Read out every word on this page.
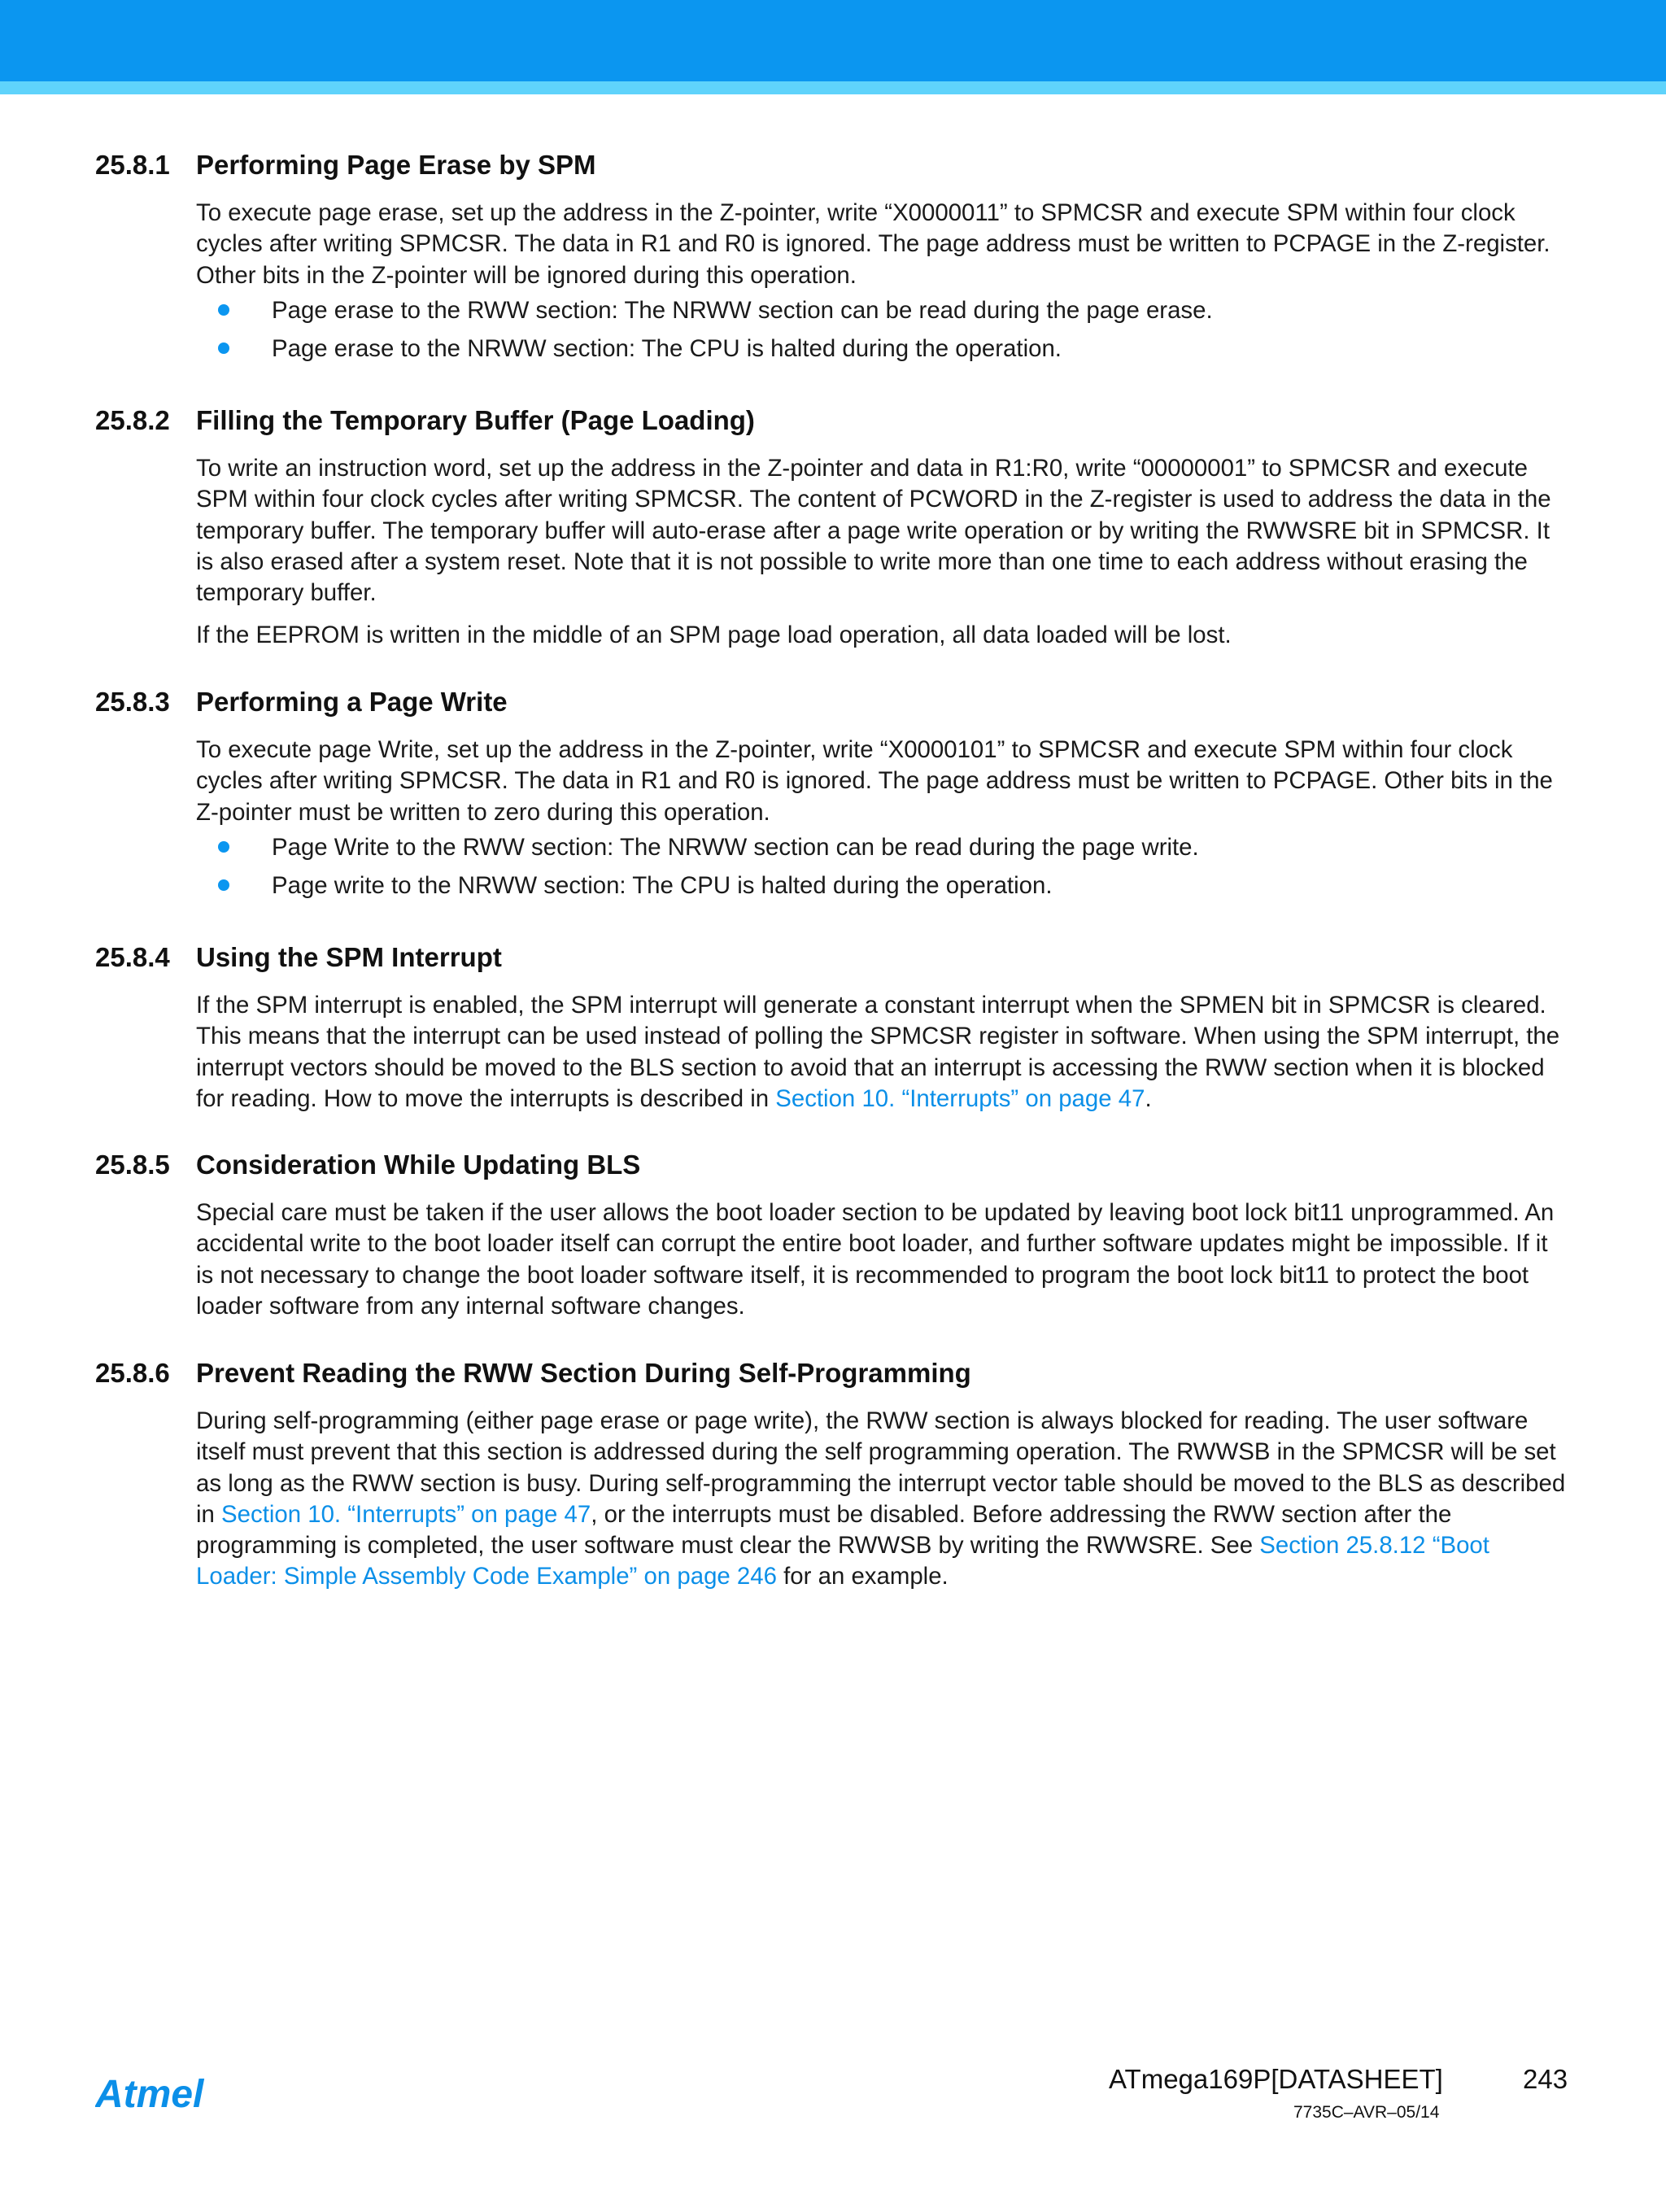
25.8.1 Performing Page Erase by SPM

To execute page erase, set up the address in the Z-pointer, write “X0000011” to SPMCSR and execute SPM within four clock cycles after writing SPMCSR. The data in R1 and R0 is ignored. The page address must be written to PCPAGE in the Z-register. Other bits in the Z-pointer will be ignored during this operation.

Page erase to the RWW section: The NRWW section can be read during the page erase.
Page erase to the NRWW section: The CPU is halted during the operation.
25.8.2 Filling the Temporary Buffer (Page Loading)

To write an instruction word, set up the address in the Z-pointer and data in R1:R0, write “00000001” to SPMCSR and execute SPM within four clock cycles after writing SPMCSR. The content of PCWORD in the Z-register is used to address the data in the temporary buffer. The temporary buffer will auto-erase after a page write operation or by writing the RWWSRE bit in SPMCSR. It is also erased after a system reset. Note that it is not possible to write more than one time to each address without erasing the temporary buffer.

If the EEPROM is written in the middle of an SPM page load operation, all data loaded will be lost.

25.8.3 Performing a Page Write

To execute page Write, set up the address in the Z-pointer, write “X0000101” to SPMCSR and execute SPM within four clock cycles after writing SPMCSR. The data in R1 and R0 is ignored. The page address must be written to PCPAGE. Other bits in the Z-pointer must be written to zero during this operation.

Page Write to the RWW section: The NRWW section can be read during the page write.
Page write to the NRWW section: The CPU is halted during the operation.
25.8.4 Using the SPM Interrupt

If the SPM interrupt is enabled, the SPM interrupt will generate a constant interrupt when the SPMEN bit in SPMCSR is cleared. This means that the interrupt can be used instead of polling the SPMCSR register in software. When using the SPM interrupt, the interrupt vectors should be moved to the BLS section to avoid that an interrupt is accessing the RWW section when it is blocked for reading. How to move the interrupts is described in Section 10. “Interrupts” on page 47.

25.8.5 Consideration While Updating BLS

Special care must be taken if the user allows the boot loader section to be updated by leaving boot lock bit11 unprogrammed. An accidental write to the boot loader itself can corrupt the entire boot loader, and further software updates might be impossible. If it is not necessary to change the boot loader software itself, it is recommended to program the boot lock bit11 to protect the boot loader software from any internal software changes.

25.8.6 Prevent Reading the RWW Section During Self-Programming

During self-programming (either page erase or page write), the RWW section is always blocked for reading. The user software itself must prevent that this section is addressed during the self programming operation. The RWWSB in the SPMCSR will be set as long as the RWW section is busy. During self-programming the interrupt vector table should be moved to the BLS as described in Section 10. “Interrupts” on page 47, or the interrupts must be disabled. Before addressing the RWW section after the programming is completed, the user software must clear the RWWSB by writing the RWWSRE. See Section 25.8.12 “Boot Loader: Simple Assembly Code Example” on page 246 for an example.

Atmel	ATmega169P[DATASHEET]	243
7735C–AVR–05/14
